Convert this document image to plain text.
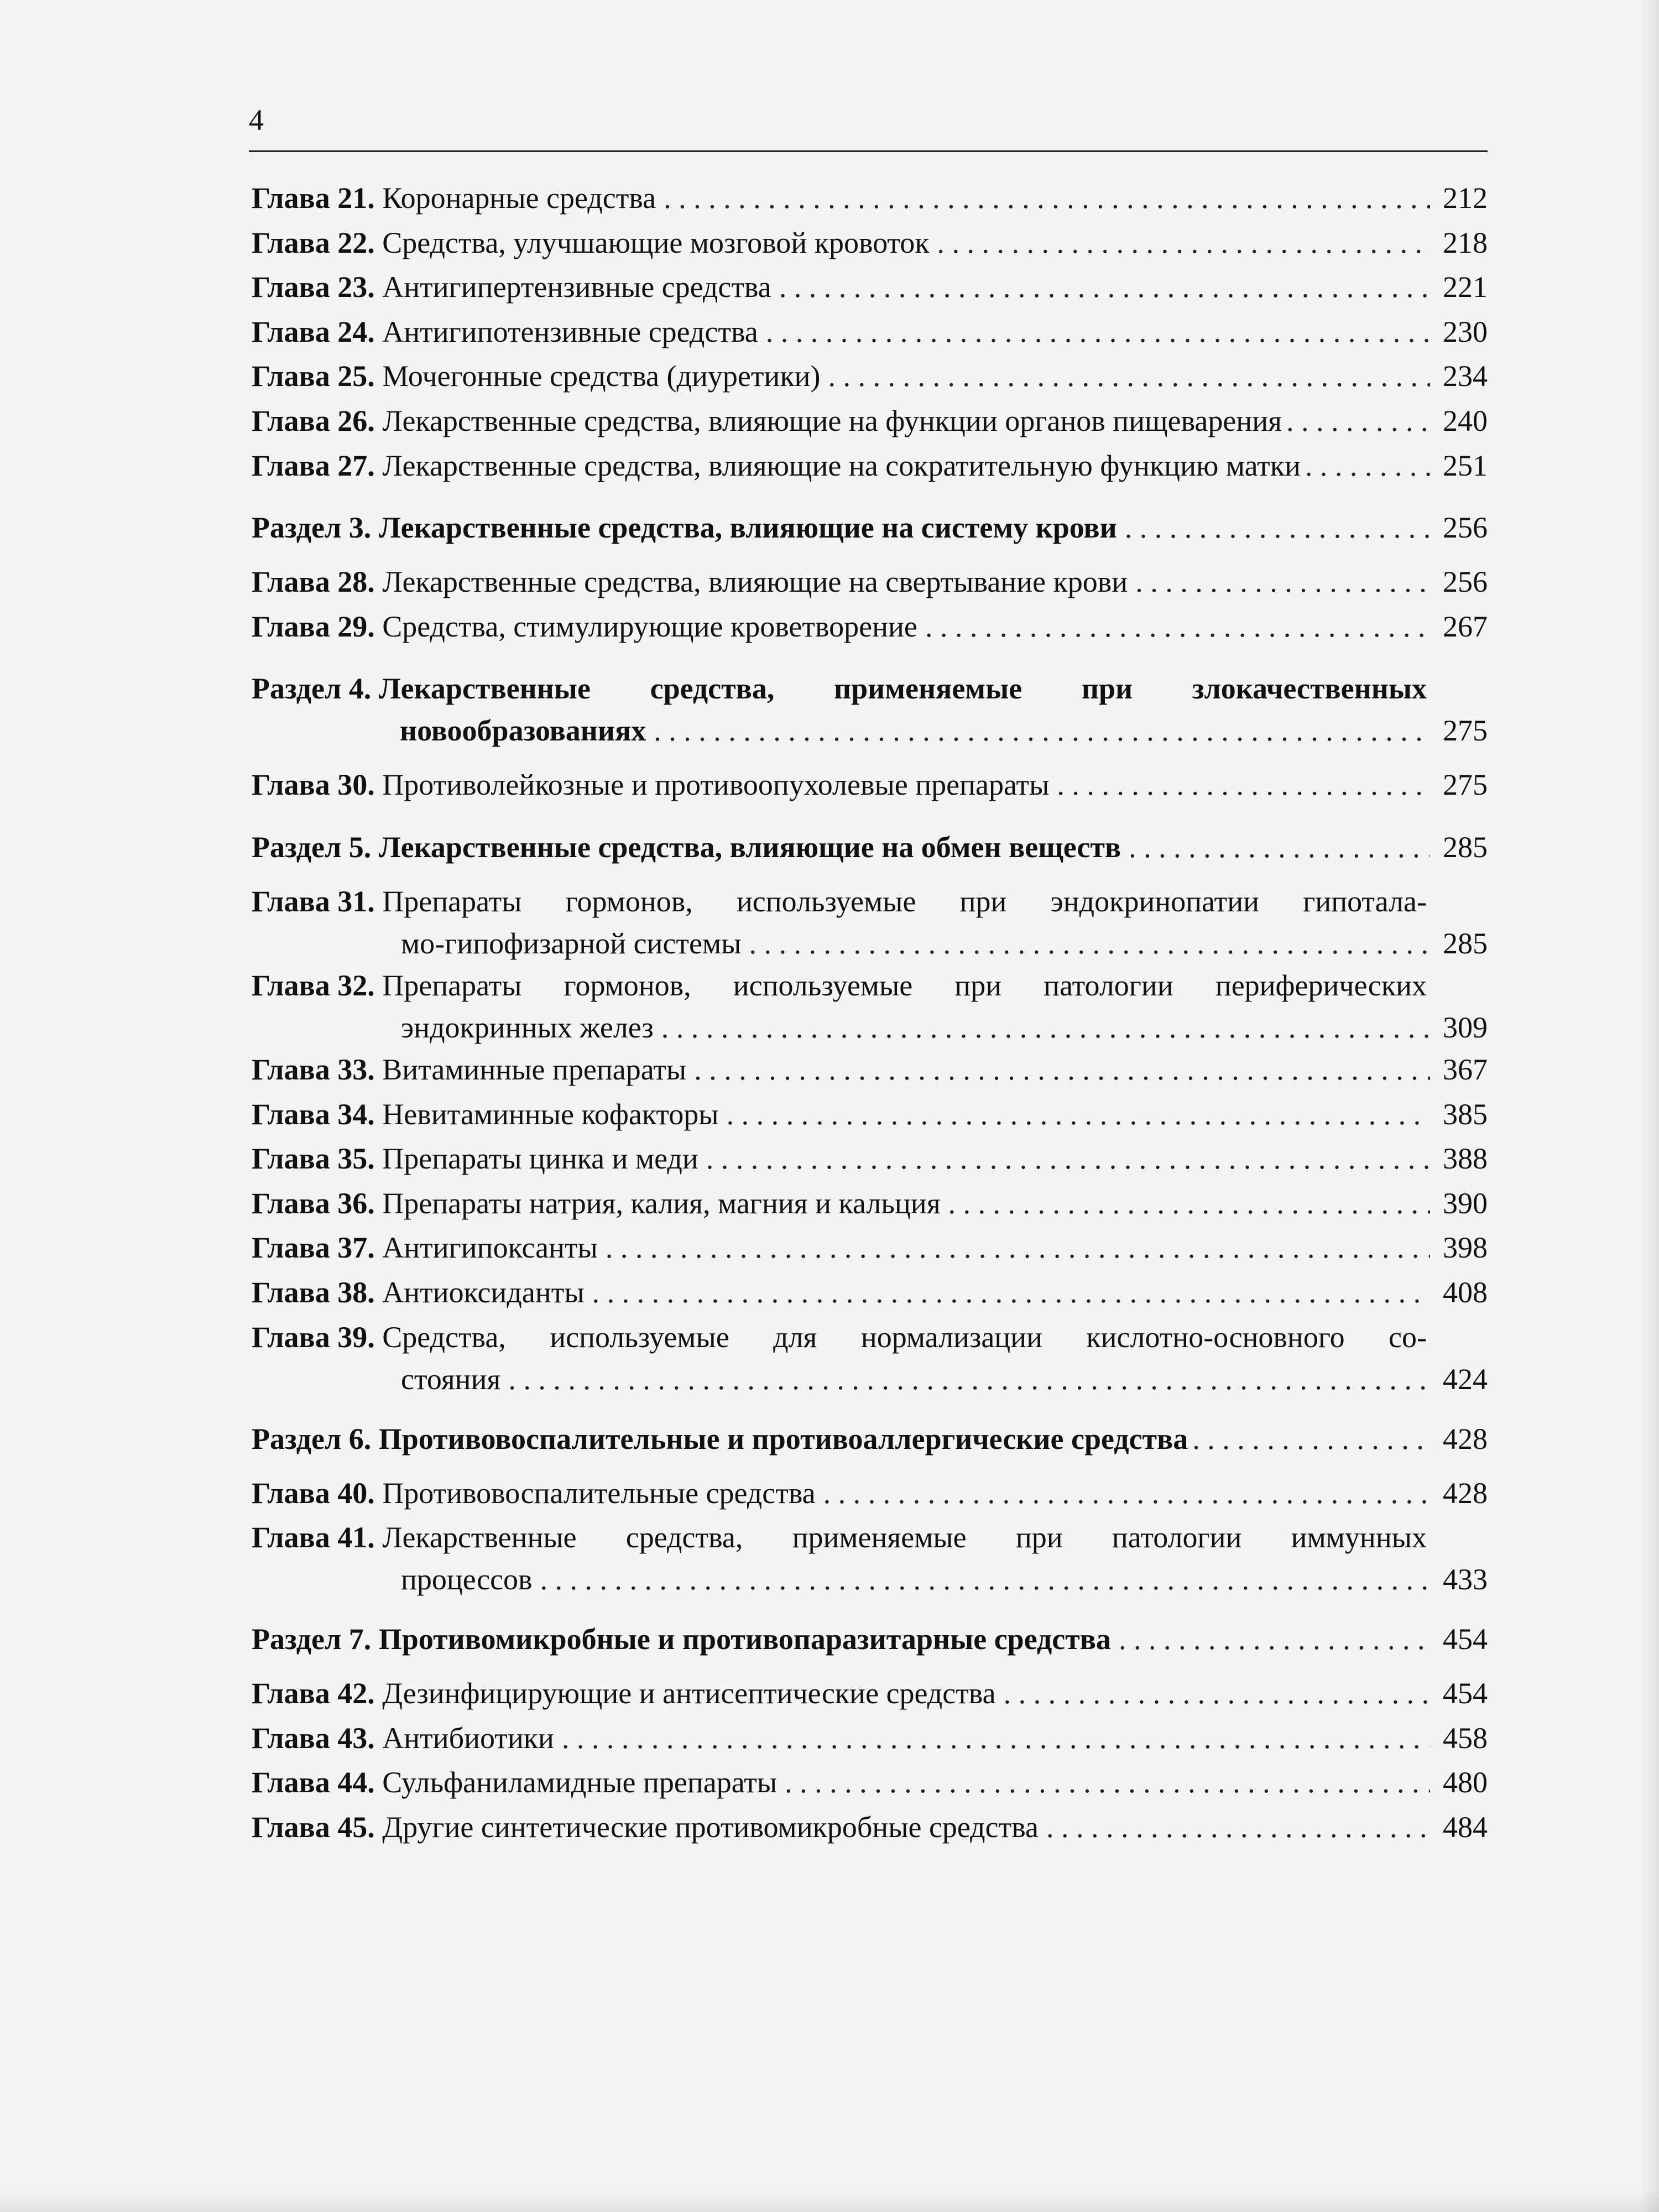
4
Глава 21. Коронарные средства . . .	212
Глава 22. Средства, улучшающие мозговой кровоток . . .	218
Глава 23. Антигипертензивные средства . . .	221
Глава 24. Антигипотензивные средства . . .	230
Глава 25. Мочегонные средства (диуретики) . . .	234
Глава 26. Лекарственные средства, влияющие на функции органов пищеварения . . .	240
Глава 27. Лекарственные средства, влияющие на сократительную функцию матки . . .	251
Раздел 3. Лекарственные средства, влияющие на систему крови . . .	256
Глава 28. Лекарственные средства, влияющие на свертывание крови . . .	256
Глава 29. Средства, стимулирующие кроветворение . . .	267
Раздел 4. Лекарственные средства, применяемые при злокачественных
новообразованиях . . .	275
Глава 30. Противолейкозные и противоопухолевые препараты . . .	275
Раздел 5. Лекарственные средства, влияющие на обмен веществ . . .	285
Глава 31. Препараты гормонов, используемые при эндокринопатии гипотала-
мо-гипофизарной системы . . .	285
Глава 32. Препараты гормонов, используемые при патологии периферических
эндокринных желез . . .	309
Глава 33. Витаминные препараты . . .	367
Глава 34. Невитаминные кофакторы . . .	385
Глава 35. Препараты цинка и меди . . .	388
Глава 36. Препараты натрия, калия, магния и кальция . . .	390
Глава 37. Антигипоксанты . . .	398
Глава 38. Антиоксиданты . . .	408
Глава 39. Средства, используемые для нормализации кислотно-основного со-
стояния . . .	424
Раздел 6. Противовоспалительные и противоаллергические средства . . .	428
Глава 40. Противовоспалительные средства . . .	428
Глава 41. Лекарственные средства, применяемые при патологии иммунных
процессов . . .	433
Раздел 7. Противомикробные и противопаразитарные средства . . .	454
Глава 42. Дезинфицирующие и антисептические средства . . .	454
Глава 43. Антибиотики . . .	458
Глава 44. Сульфаниламидные препараты . . .	480
Глава 45. Другие синтетические противомикробные средства . . .	484
